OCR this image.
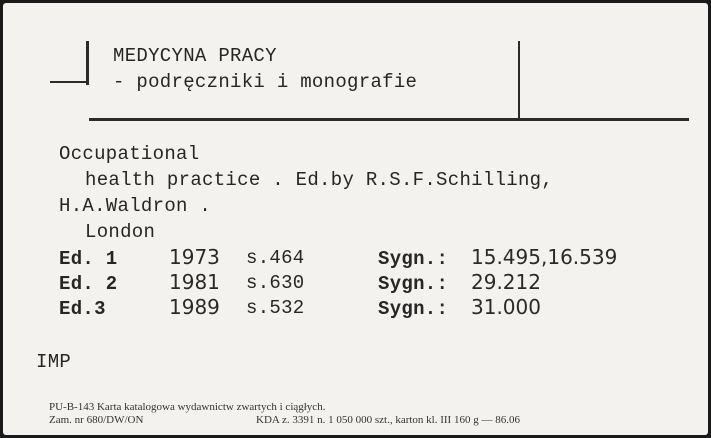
MEDYCYNA PRACY
- podręczniki i monografie
Occupational
health practice . Ed.by R.S.F.Schilling,
H.A.Waldron .
London
Ed. 1	1973 s.464	Sygn.: 15.495,16.539
Ed. 2	1981 s.630	Sygn.: 29.212
Ed.3	1989 s.532	Sygn.: 31.000
IMP
PU-B-143 Karta katalogowa wydawnictw zwartych i ciągłych.
Zam. nr 680/DW/ON	KDA z. 3391 n. 1 050 000 szt., karton kl. III 160 g — 86.06
